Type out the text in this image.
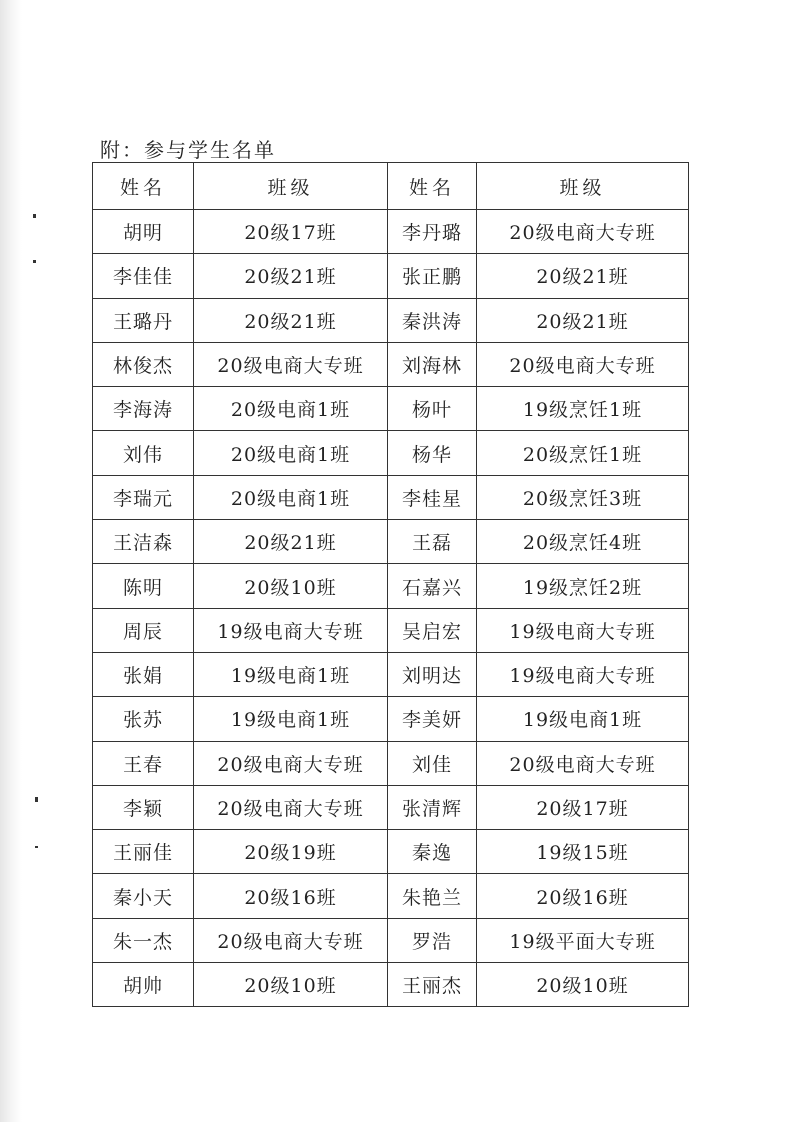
附：参与学生名单
姓名	班级	姓名	班级
胡明	20级17班	李丹璐	20级电商大专班
李佳佳	20级21班	张正鹏	20级21班
王璐丹	20级21班	秦洪涛	20级21班
林俊杰	20级电商大专班	刘海林	20级电商大专班
李海涛	20级电商1班	杨叶	19级烹饪1班
刘伟	20级电商1班	杨华	20级烹饪1班
李瑞元	20级电商1班	李桂星	20级烹饪3班
王洁森	20级21班	王磊	20级烹饪4班
陈明	20级10班	石嘉兴	19级烹饪2班
周辰	19级电商大专班	吴启宏	19级电商大专班
张娟	19级电商1班	刘明达	19级电商大专班
张苏	19级电商1班	李美妍	19级电商1班
王春	20级电商大专班	刘佳	20级电商大专班
李颖	20级电商大专班	张清辉	20级17班
王丽佳	20级19班	秦逸	19级15班
秦小天	20级16班	朱艳兰	20级16班
朱一杰	20级电商大专班	罗浩	19级平面大专班
胡帅	20级10班	王丽杰	20级10班
